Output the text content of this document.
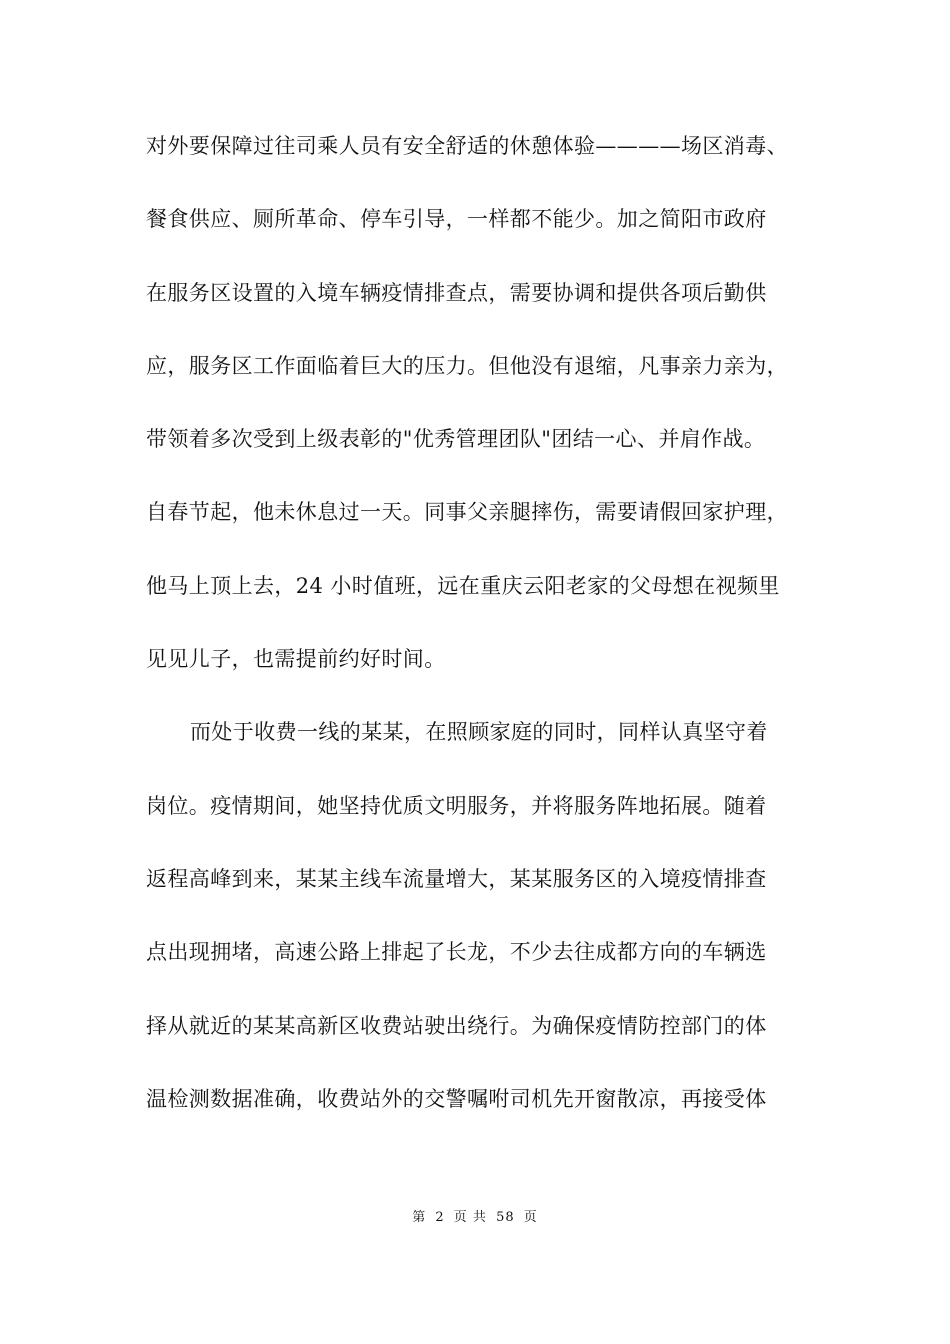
对外要保障过往司乘人员有安全舒适的休憩体验————场区消毒、
餐食供应、厕所革命、停车引导，一样都不能少。加之简阳市政府
在服务区设置的入境车辆疫情排查点，需要协调和提供各项后勤供
应，服务区工作面临着巨大的压力。但他没有退缩，凡事亲力亲为，
带领着多次受到上级表彰的"优秀管理团队"团结一心、并肩作战。
自春节起，他未休息过一天。同事父亲腿摔伤，需要请假回家护理，
他马上顶上去，24 小时值班，远在重庆云阳老家的父母想在视频里
见见儿子，也需提前约好时间。
而处于收费一线的某某，在照顾家庭的同时，同样认真坚守着
岗位。疫情期间，她坚持优质文明服务，并将服务阵地拓展。随着
返程高峰到来，某某主线车流量增大，某某服务区的入境疫情排查
点出现拥堵，高速公路上排起了长龙，不少去往成都方向的车辆选
择从就近的某某高新区收费站驶出绕行。为确保疫情防控部门的体
温检测数据准确，收费站外的交警嘱咐司机先开窗散凉，再接受体
第 2 页 共 58 页
